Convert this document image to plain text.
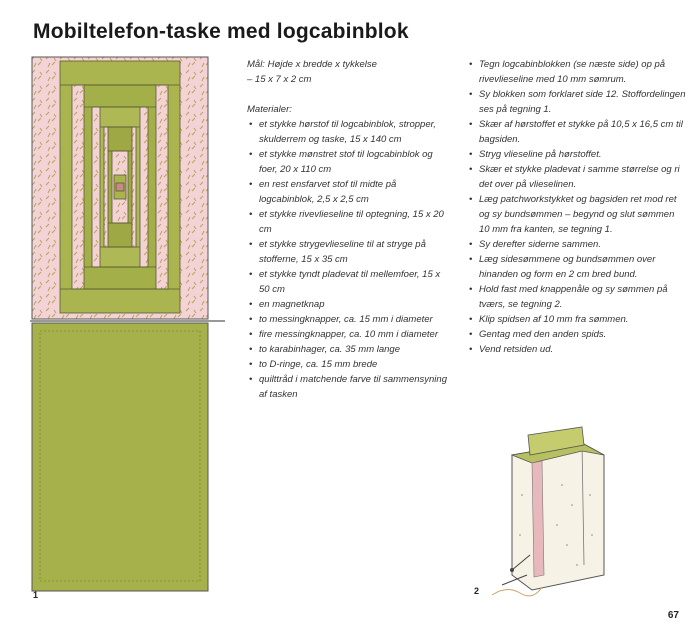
Mobiltelefon-taske med logcabinblok
1

Mål: Højde x bredde x tykkelse

– 15 x 7 x 2 cm

Materialer:

• et stykke hørstof til logcabinblok, stropper, skulderrem og taske, 15 x 140 cm
• et stykke mønstret stof til logcabinblok og foer, 20 x 110 cm
• en rest ensfarvet stof til midte på logcabinblok, 2,5 x 2,5 cm
• et stykke rivevlieseline til optegning, 15 x 20 cm
• et stykke strygevlieseline til at stryge på stofferne, 15 x 35 cm
• et stykke tyndt pladevat til mellemfoer, 15 x 50 cm
• en magnetknap
• to messingknapper, ca. 15 mm i diameter
• fire messingknapper, ca. 10 mm i diameter
• to karabinhager, ca. 35 mm lange
• to D-ringe, ca. 15 mm brede
• quilttråd i matchende farve til sammensyning af tasken
• Tegn logcabinblokken (se næste side) op på rivevlieseline med 10 mm sømrum.
• Sy blokken som forklaret side 12. Stoffordelingen ses på tegning 1.
• Skær af hørstoffet et stykke på 10,5 x 16,5 cm til bagsiden.
• Stryg vlieseline på hørstoffet.
• Skær et stykke pladevat i samme størrelse og ri det over på vlieselinen.
• Læg patchworkstykket og bagsiden ret mod ret og sy bundsømmen – begynd og slut sømmen 10 mm fra kanten, se tegning 1.
• Sy derefter siderne sammen.
• Læg sidesømmene og bundsømmen over hinanden og form en 2 cm bred bund.
• Hold fast med knappenåle og sy sømmen på tværs, se tegning 2.
• Klip spidsen af 10 mm fra sømmen.
• Gentag med den anden spids.
• Vend retsiden ud.
2
67
